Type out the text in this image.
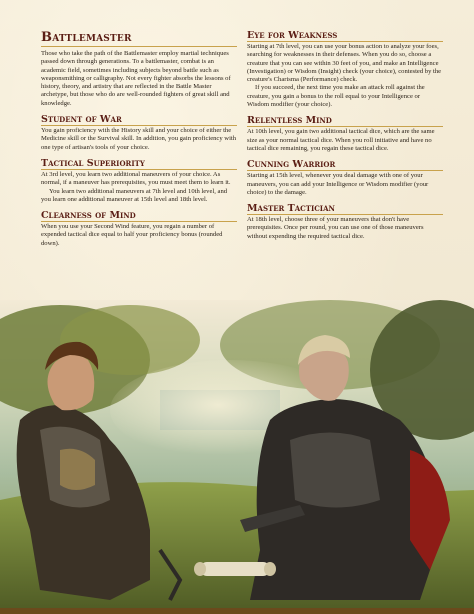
Battlemaster

Those who take the path of the Battlemaster employ martial techniques passed down through generations. To a battlemaster, combat is an academic field, sometimes including subjects beyond battle such as weaponsmithing or calligraphy. Not every fighter absorbs the lessons of history, theory, and artistry that are reflected in the Battle Master archetype, but those who do are well-rounded fighters of great skill and knowledge.

Student of War

You gain proficiency with the History skill and your choice of either the Medicine skill or the Survival skill. In addition, you gain proficiency with one type of artisan's tools of your choice.

Tactical Superiority

At 3rd level, you learn two additional maneuvers of your choice. As normal, if a maneuver has prerequisites, you must meet them to learn it.

You learn two additional maneuvers at 7th level and 10th level, and you learn one additional maneuver at 15th level and 18th level.

Clearness of Mind

When you use your Second Wind feature, you regain a number of expended tactical dice equal to half your proficiency bonus (rounded down).

Eye for Weakness

Starting at 7th level, you can use your bonus action to analyze your foes, searching for weaknesses in their defenses. When you do so, choose a creature that you can see within 30 feet of you, and make an Intelligence (Investigation) or Wisdom (Insight) check (your choice), contested by the creature's Charisma (Performance) check.

If you succeed, the next time you make an attack roll against the creature, you gain a bonus to the roll equal to your Intelligence or Wisdom modifier (your choice).

Relentless Mind

At 10th level, you gain two additional tactical dice, which are the same size as your normal tactical dice. When you roll initiative and have no tactical dice remaining, you regain these tactical dice.

Cunning Warrior

Starting at 15th level, whenever you deal damage with one of your maneuvers, you can add your Intelligence or Wisdom modifier (your choice) to the damage.

Master Tactician

At 18th level, choose three of your maneuvers that don't have prerequisites. Once per round, you can use one of those maneuvers without expending the required tactical dice.
